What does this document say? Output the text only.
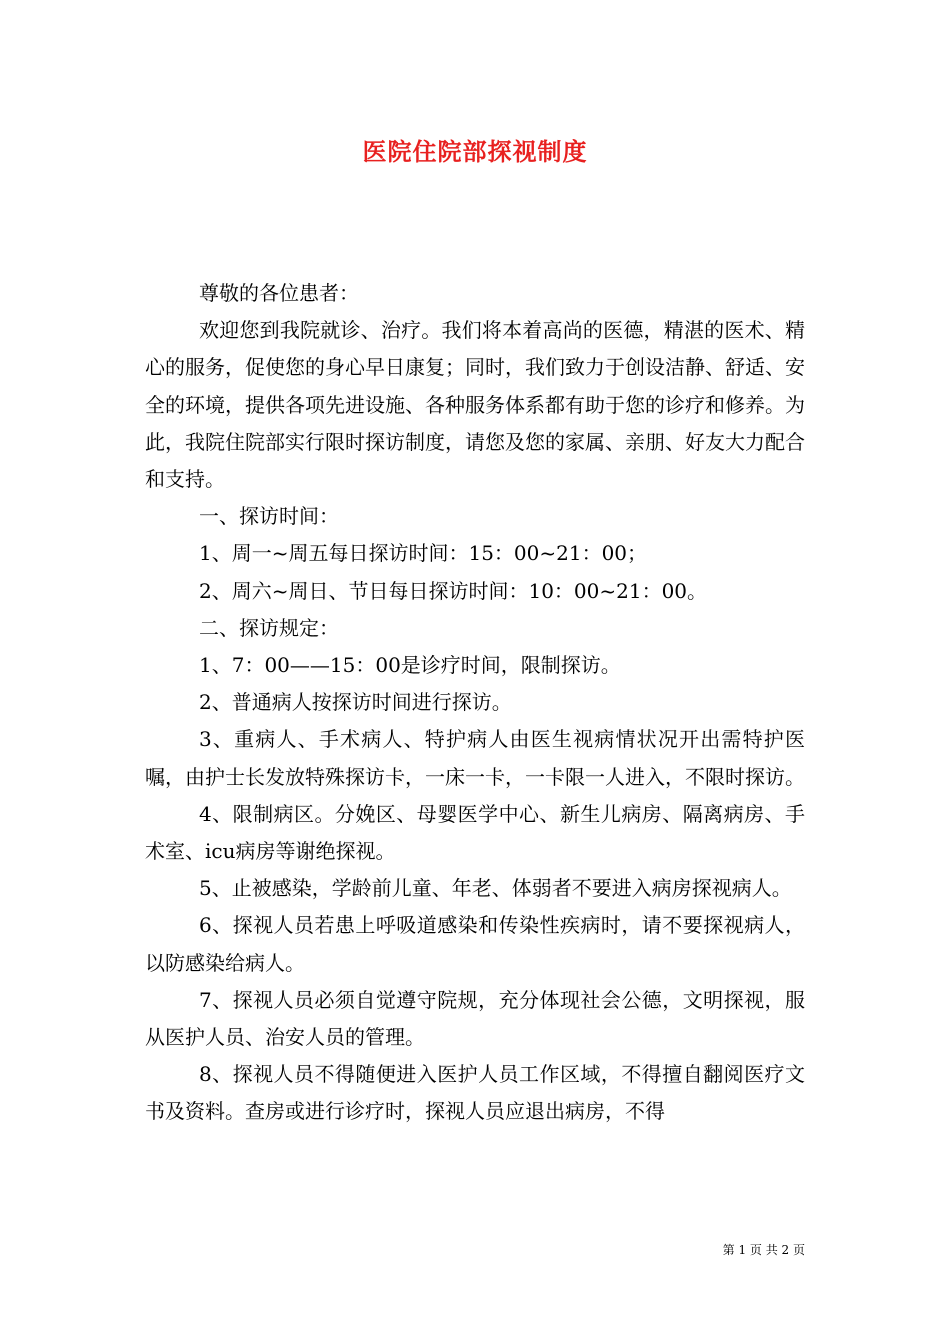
医院住院部探视制度

尊敬的各位患者：

欢迎您到我院就诊、治疗。我们将本着高尚的医德，精湛的医术、精心的服务，促使您的身心早日康复；同时，我们致力于创设洁静、舒适、安全的环境，提供各项先进设施、各种服务体系都有助于您的诊疗和修养。为此，我院住院部实行限时探访制度，请您及您的家属、亲朋、好友大力配合和支持。

一、探访时间：

1、周一~周五每日探访时间：15：00~21：00；

2、周六~周日、节日每日探访时间：10：00~21：00。

二、探访规定：

1、7：00——15：00是诊疗时间，限制探访。

2、普通病人按探访时间进行探访。

3、重病人、手术病人、特护病人由医生视病情状况开出需特护医嘱，由护士长发放特殊探访卡，一床一卡，一卡限一人进入，不限时探访。

4、限制病区。分娩区、母婴医学中心、新生儿病房、隔离病房、手术室、icu病房等谢绝探视。

5、止被感染，学龄前儿童、年老、体弱者不要进入病房探视病人。

6、探视人员若患上呼吸道感染和传染性疾病时，请不要探视病人，以防感染给病人。

7、探视人员必须自觉遵守院规，充分体现社会公德，文明探视，服从医护人员、治安人员的管理。

8、探视人员不得随便进入医护人员工作区域，不得擅自翻阅医疗文书及资料。查房或进行诊疗时，探视人员应退出病房，不得

第 1 页 共 2 页
